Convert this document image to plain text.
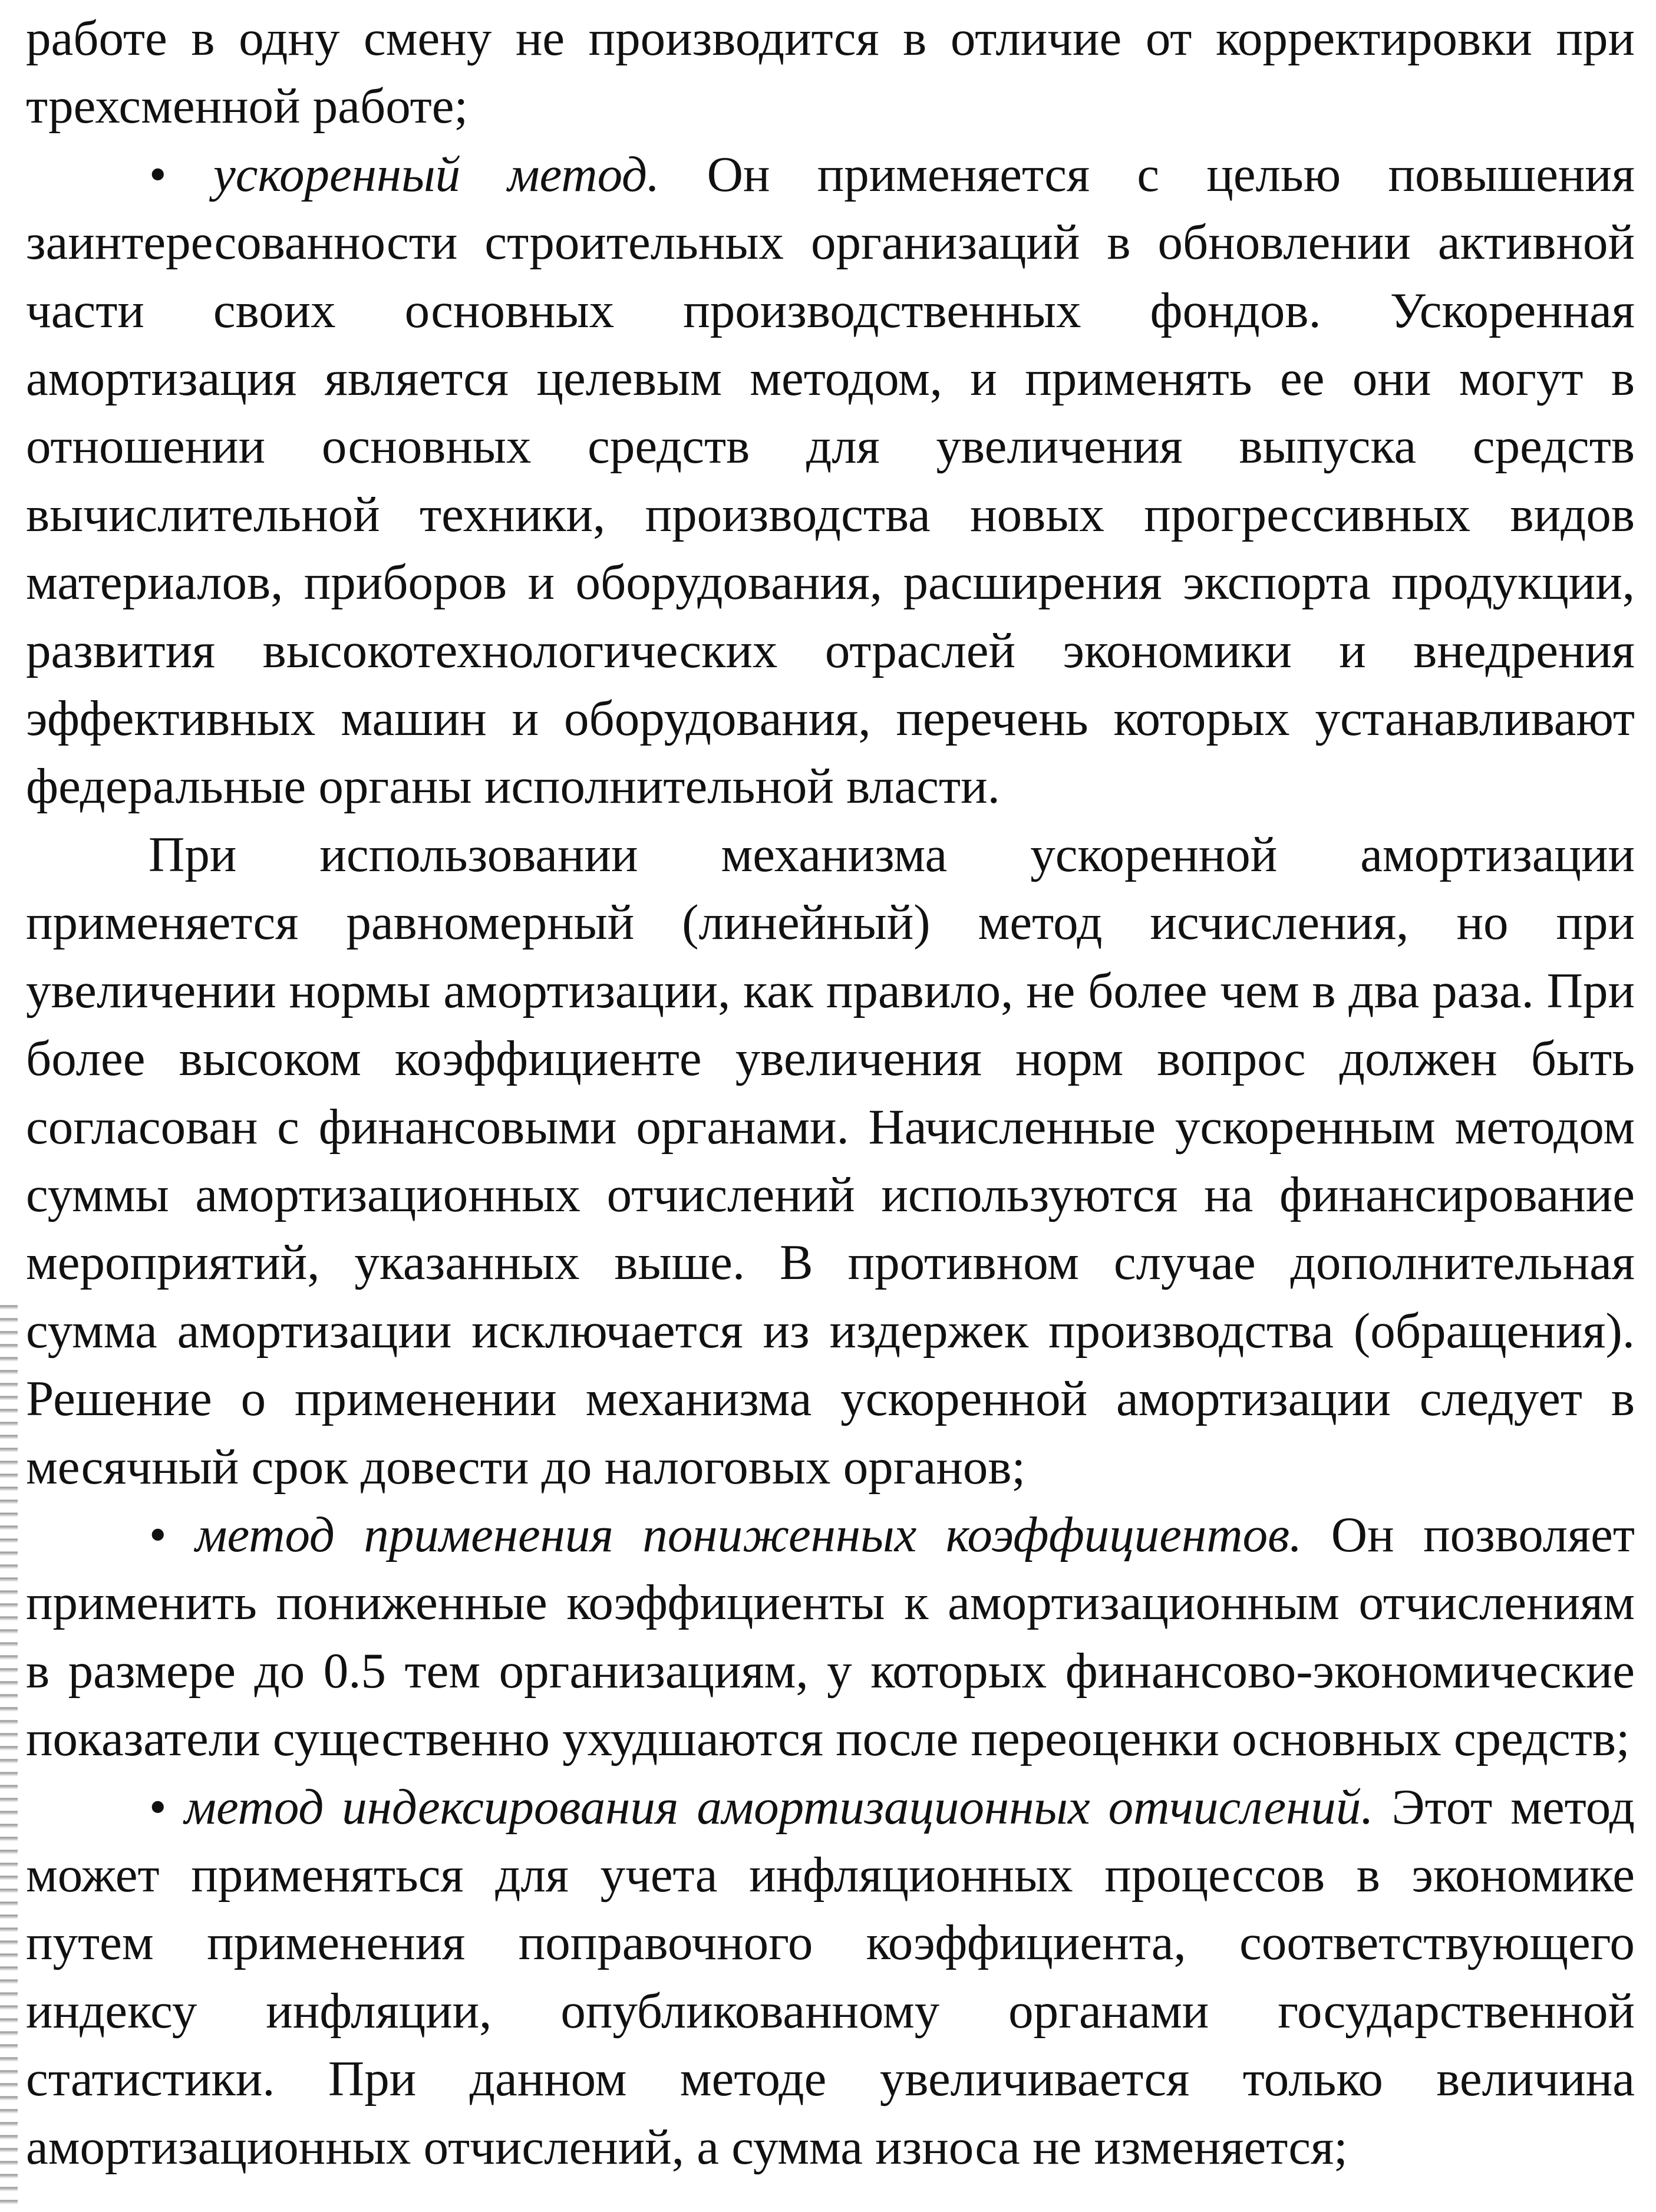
работе в одну смену не производится в отличие от корректировки при трехсменной работе;

• ускоренный метод. Он применяется с целью повышения заинтересованности строительных организаций в обновлении активной части своих основных производственных фондов. Ускоренная амортизация является целевым методом, и применять ее они могут в отношении основных средств для увеличения выпуска средств вычислительной техники, производства новых прогрессивных видов материалов, приборов и оборудования, расширения экспорта продукции, развития высокотехнологических отраслей экономики и внедрения эффективных машин и оборудования, перечень которых устанавливают федеральные органы исполнительной власти.

При использовании механизма ускоренной амортизации применяется равномерный (линейный) метод исчисления, но при увеличении нормы амортизации, как правило, не более чем в два раза. При более высоком коэффициенте увеличения норм вопрос должен быть согласован с финансовыми органами. Начисленные ускоренным методом суммы амортизационных отчислений используются на финансирование мероприятий, указанных выше. В противном случае дополнительная сумма амортизации исключается из издержек производства (обращения). Решение о применении механизма ускоренной амортизации следует в месячный срок довести до налоговых органов;

• метод применения пониженных коэффициентов. Он позволяет применить пониженные коэффициенты к амортизационным отчислениям в размере до 0.5 тем организациям, у которых финансово-экономические показатели существенно ухудшаются после переоценки основных средств;

• метод индексирования амортизационных отчислений. Этот метод может применяться для учета инфляционных процессов в экономике путем применения поправочного коэффициента, соответствующего индексу инфляции, опубликованному органами государственной статистики. При данном методе увеличивается только величина амортизационных отчислений, а сумма износа не изменяется;
